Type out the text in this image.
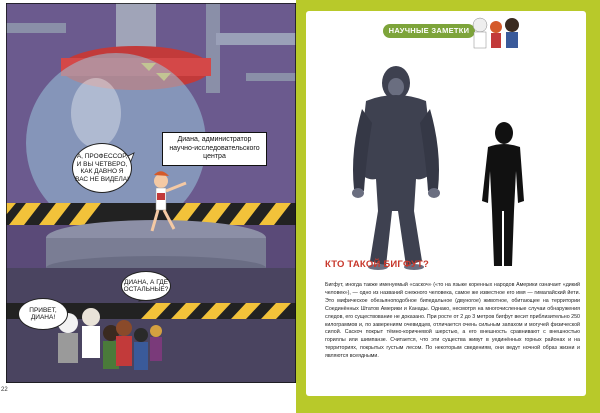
Диана, администратор научно-исследовательского центра
А, ПРОФЕССОР, И ВЫ ЧЕТВЕРО, КАК ДАВНО Я ВАС НЕ ВИДЕЛА!
ДИАНА, А ГДЕ ОСТАЛЬНЫЕ?
ПРИВЕТ, ДИАНА!
22
НАУЧНЫЕ ЗАМЕТКИ
КТО ТАКОЙ БИГФУТ?

Бигфут, иногда также именуемый «саскоч» («то на языке коренных народов Америки означает «дикий человек»), — одно из названий снежного человека, самое же известное его имя — гималайский йети. Это мифическое обезьяноподобное бипедальное (двуногое) животное, обитающее на территории Соединённых Штатов Америки и Канады. Однако, несмотря на многочисленные случаи обнаружения следов, его существование не доказано. При росте от 2 до 3 метров бигфут весит приблизительно 250 килограммов и, по заверениям очевидцев, отличается очень сильным запахом и могучей физической силой. Саскоч покрыт тёмно-коричневой шерстью, а его внешность сравнивают с внешностью гориллы или шимпанзе. Считается, что эти существа живут в уединённых горных районах и на территориях, покрытых густым лесом. По некоторым сведениям, они ведут ночной образ жизни и являются всеядными.
